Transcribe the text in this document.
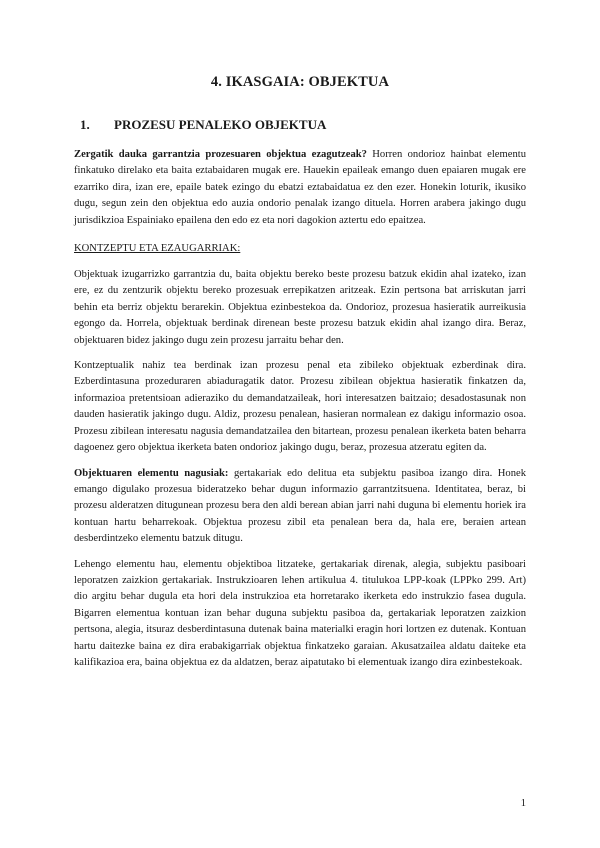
4. IKASGAIA: OBJEKTUA
1.	PROZESU PENALEKO OBJEKTUA

Zergatik dauka garrantzia prozesuaren objektua ezagutzeak? Horren ondorioz hainbat elementu finkatuko direlako eta baita eztabaidaren mugak ere. Hauekin epaileak emango duen epaiaren mugak ere ezarriko dira, izan ere, epaile batek ezingo du ebatzi eztabaidatua ez den ezer. Honekin loturik, ikusiko dugu, segun zein den objektua edo auzia ondorio penalak izango dituela. Horren arabera jakingo dugu jurisdikzioa Espainiako epailena den edo ez eta nori dagokion aztertu edo epaitzea.

KONTZEPTU ETA EZAUGARRIAK:

Objektuak izugarrizko garrantzia du, baita objektu bereko beste prozesu batzuk ekidin ahal izateko, izan ere, ez du zentzurik objektu bereko prozesuak errepikatzen aritzeak. Ezin pertsona bat arriskutan jarri behin eta berriz objektu berarekin. Objektua ezinbestekoa da. Ondorioz, prozesua hasieratik aurreikusia egongo da. Horrela, objektuak berdinak direnean beste prozesu batzuk ekidin ahal izango dira. Beraz, objektuaren bidez jakingo dugu zein prozesu jarraitu behar den.

Kontzeptualik nahiz tea berdinak izan prozesu penal eta zibileko objektuak ezberdinak dira. Ezberdintasuna prozeduraren abiaduragatik dator. Prozesu zibilean objektua hasieratik finkatzen da, informazioa pretentsioan adieraziko du demandatzaileak, hori interesatzen baitzaio; desadostasunak non dauden hasieratik jakingo dugu. Aldiz, prozesu penalean, hasieran normalean ez dakigu informazio osoa. Prozesu zibilean interesatu nagusia demandatzailea den bitartean, prozesu penalean ikerketa baten beharra dagoenez gero objektua ikerketa baten ondorioz jakingo dugu, beraz, prozesua atzeratu egiten da.

Objektuaren elementu nagusiak: gertakariak edo delitua eta subjektu pasiboa izango dira. Honek emango digulako prozesua bideratzeko behar dugun informazio garrantzitsuena. Identitatea, beraz, bi prozesu alderatzen ditugunean prozesu bera den aldi berean abian jarri nahi duguna bi elementu horiek ira kontuan hartu beharrekoak. Objektua prozesu zibil eta penalean bera da, hala ere, beraien artean desberdintzeko elementu batzuk ditugu.

Lehengo elementu hau, elementu objektiboa litzateke, gertakariak direnak, alegia, subjektu pasiboari leporatzen zaizkion gertakariak. Instrukzioaren lehen artikulua 4. titulukoa LPP-koak (LPPko 299. Art) dio argitu behar dugula eta hori dela instrukzioa eta horretarako ikerketa edo instrukzio fasea dugula. Bigarren elementua kontuan izan behar duguna subjektu pasiboa da, gertakariak leporatzen zaizkion pertsona, alegia, itsuraz desberdintasuna dutenak baina materialki eragin hori lortzen ez dutenak. Kontuan hartu daitezke baina ez dira erabakigarriak objektua finkatzeko garaian. Akusatzailea aldatu daiteke eta kalifikazioa era, baina objektua ez da aldatzen, beraz aipatutako bi elementuak izango dira ezinbestekoak.

1
